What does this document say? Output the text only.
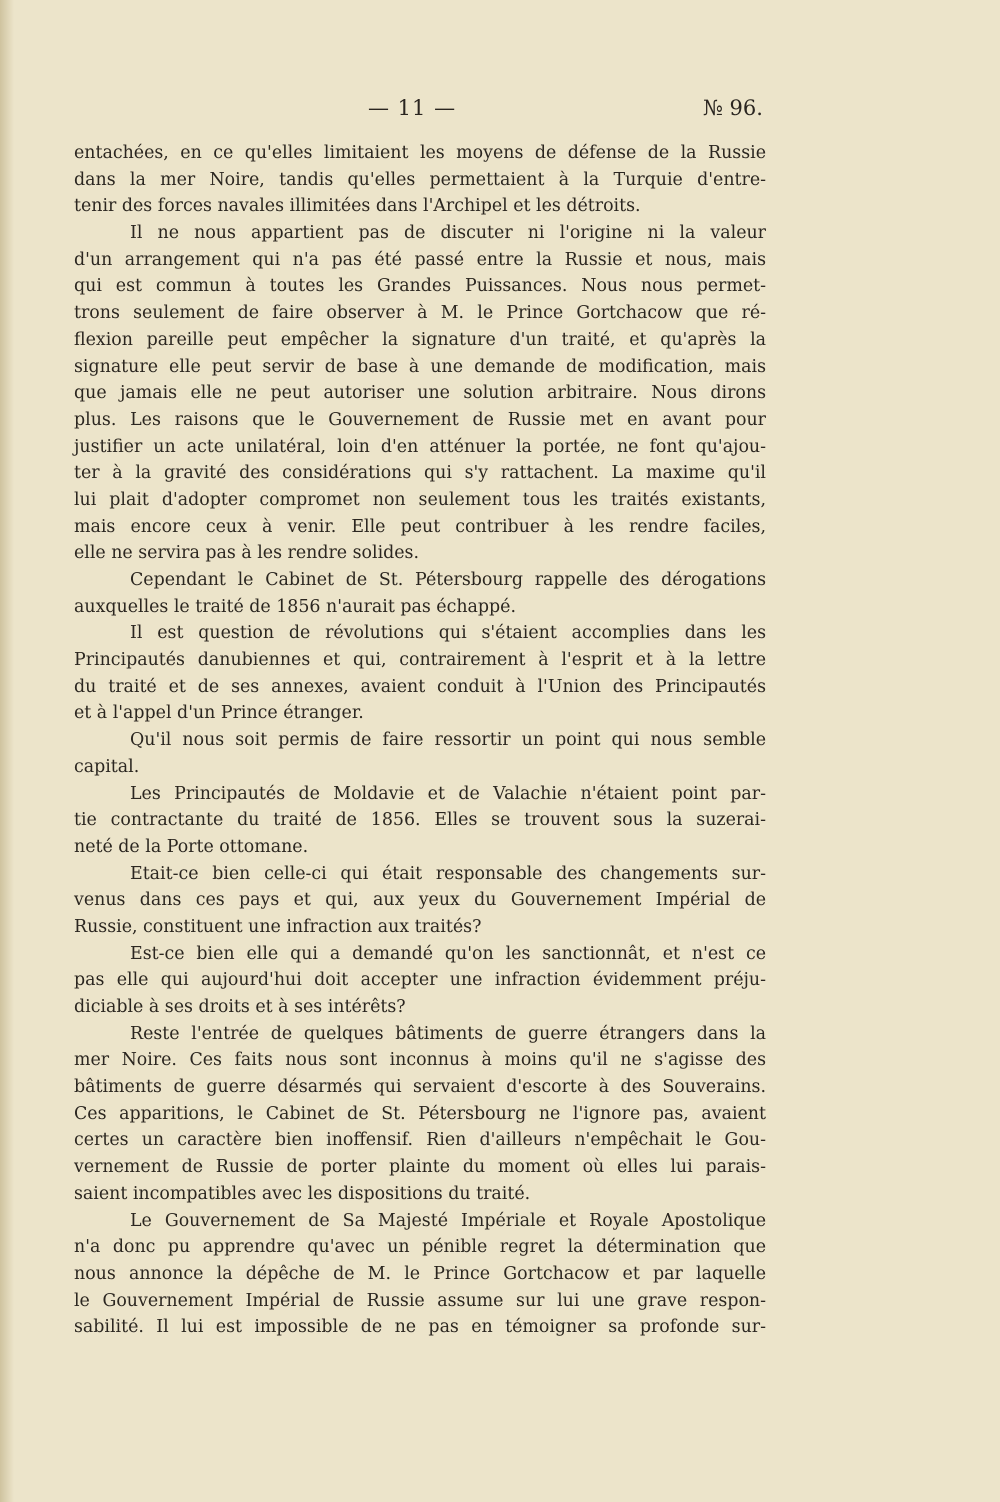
— 11 —	№ 96.
entachées, en ce qu'elles limitaient les moyens de défense de la Russie
dans la mer Noire, tandis qu'elles permettaient à la Turquie d'entre-
tenir des forces navales illimitées dans l'Archipel et les détroits.
Il ne nous appartient pas de discuter ni l'origine ni la valeur
d'un arrangement qui n'a pas été passé entre la Russie et nous, mais
qui est commun à toutes les Grandes Puissances. Nous nous permet-
trons seulement de faire observer à M. le Prince Gortchacow que ré-
flexion pareille peut empêcher la signature d'un traité, et qu'après la
signature elle peut servir de base à une demande de modification, mais
que jamais elle ne peut autoriser une solution arbitraire. Nous dirons
plus. Les raisons que le Gouvernement de Russie met en avant pour
justifier un acte unilatéral, loin d'en atténuer la portée, ne font qu'ajou-
ter à la gravité des considérations qui s'y rattachent. La maxime qu'il
lui plait d'adopter compromet non seulement tous les traités existants,
mais encore ceux à venir. Elle peut contribuer à les rendre faciles,
elle ne servira pas à les rendre solides.
Cependant le Cabinet de St. Pétersbourg rappelle des dérogations
auxquelles le traité de 1856 n'aurait pas échappé.
Il est question de révolutions qui s'étaient accomplies dans les
Principautés danubiennes et qui, contrairement à l'esprit et à la lettre
du traité et de ses annexes, avaient conduit à l'Union des Principautés
et à l'appel d'un Prince étranger.
Qu'il nous soit permis de faire ressortir un point qui nous semble
capital.
Les Principautés de Moldavie et de Valachie n'étaient point par-
tie contractante du traité de 1856. Elles se trouvent sous la suzerai-
neté de la Porte ottomane.
Etait-ce bien celle-ci qui était responsable des changements sur-
venus dans ces pays et qui, aux yeux du Gouvernement Impérial de
Russie, constituent une infraction aux traités?
Est-ce bien elle qui a demandé qu'on les sanctionnât, et n'est ce
pas elle qui aujourd'hui doit accepter une infraction évidemment préju-
diciable à ses droits et à ses intérêts?
Reste l'entrée de quelques bâtiments de guerre étrangers dans la
mer Noire. Ces faits nous sont inconnus à moins qu'il ne s'agisse des
bâtiments de guerre désarmés qui servaient d'escorte à des Souverains.
Ces apparitions, le Cabinet de St. Pétersbourg ne l'ignore pas, avaient
certes un caractère bien inoffensif. Rien d'ailleurs n'empêchait le Gou-
vernement de Russie de porter plainte du moment où elles lui parais-
saient incompatibles avec les dispositions du traité.
Le Gouvernement de Sa Majesté Impériale et Royale Apostolique
n'a donc pu apprendre qu'avec un pénible regret la détermination que
nous annonce la dépêche de M. le Prince Gortchacow et par laquelle
le Gouvernement Impérial de Russie assume sur lui une grave respon-
sabilité. Il lui est impossible de ne pas en témoigner sa profonde sur-
